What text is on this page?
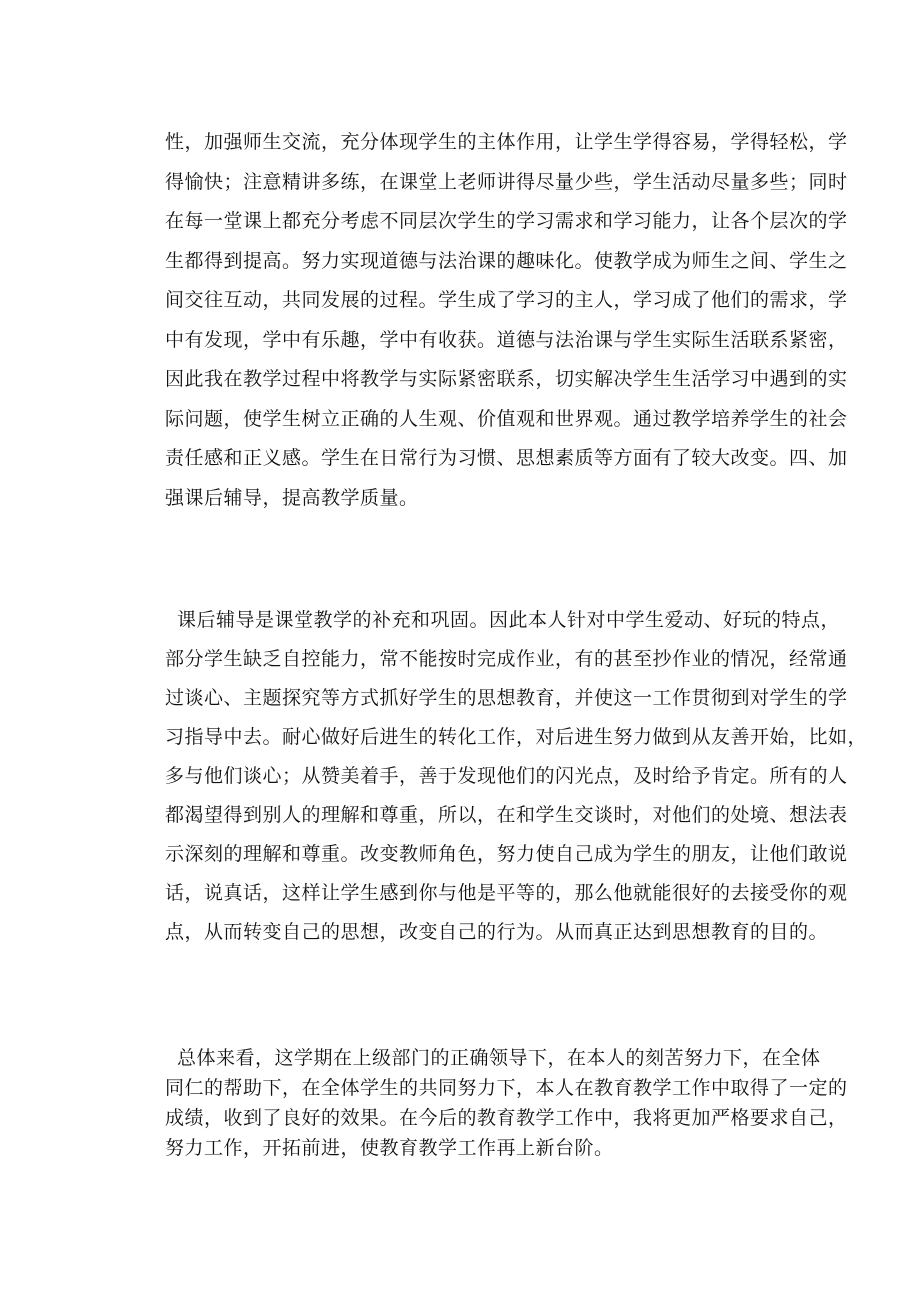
性，加强师生交流，充分体现学生的主体作用，让学生学得容易，学得轻松，学
得愉快；注意精讲多练，在课堂上老师讲得尽量少些，学生活动尽量多些；同时
在每一堂课上都充分考虑不同层次学生的学习需求和学习能力，让各个层次的学
生都得到提高。努力实现道德与法治课的趣味化。使教学成为师生之间、学生之
间交往互动，共同发展的过程。学生成了学习的主人，学习成了他们的需求，学
中有发现，学中有乐趣，学中有收获。道德与法治课与学生实际生活联系紧密，
因此我在教学过程中将教学与实际紧密联系，切实解决学生生活学习中遇到的实
际问题，使学生树立正确的人生观、价值观和世界观。通过教学培养学生的社会
责任感和正义感。学生在日常行为习惯、思想素质等方面有了较大改变。四、加
强课后辅导，提高教学质量。
课后辅导是课堂教学的补充和巩固。因此本人针对中学生爱动、好玩的特点，
部分学生缺乏自控能力，常不能按时完成作业，有的甚至抄作业的情况，经常通
过谈心、主题探究等方式抓好学生的思想教育，并使这一工作贯彻到对学生的学
习指导中去。耐心做好后进生的转化工作，对后进生努力做到从友善开始，比如，
多与他们谈心；从赞美着手，善于发现他们的闪光点，及时给予肯定。所有的人
都渴望得到别人的理解和尊重，所以，在和学生交谈时，对他们的处境、想法表
示深刻的理解和尊重。改变教师角色，努力使自己成为学生的朋友，让他们敢说
话，说真话，这样让学生感到你与他是平等的，那么他就能很好的去接受你的观
点，从而转变自己的思想，改变自己的行为。从而真正达到思想教育的目的。
总体来看，这学期在上级部门的正确领导下，在本人的刻苦努力下，在全体
同仁的帮助下，在全体学生的共同努力下，本人在教育教学工作中取得了一定的
成绩，收到了良好的效果。在今后的教育教学工作中，我将更加严格要求自己，
努力工作，开拓前进，使教育教学工作再上新台阶。
